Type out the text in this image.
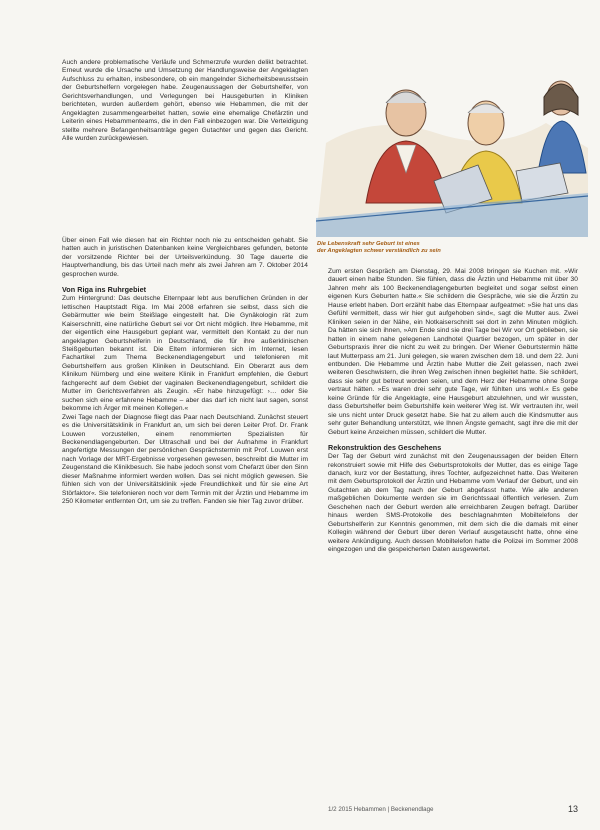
Auch andere problematische Verläufe und Schmerzrufe wurden delikt betrachtet. Erneut wurde die Ursache und Umsetzung der Handlungsweise der Angeklagten Aufschluss zu erhalten, insbesondere, ob ein mangelnder Sicherheitsbewusstsein der Geburtshelfern vorgelegen habe. Zeugenaussagen der Geburtshelfer, von Gerichtsverhandlungen, und Verlegungen bei Hausgeburten in Kliniken berichteten, wurden außerdem gehört, ebenso wie Hebammen, die mit der Angeklagten zusammengearbeitet hatten, sowie eine ehemalige Chefärztin und Leiterin eines Hebammenteams, die in den Fall einbezogen war. Die Verteidigung stellte mehrere Befangenheitsanträge gegen Gutachter und gegen das Gericht. Alle wurden zurückgewiesen.

Die Lebenskraft sehr Geburt ist eines
der Angeklagten schwer verständlich zu sein

Über einen Fall wie diesen hat ein Richter noch nie zu entscheiden gehabt. Sie hatten auch in juristischen Datenbanken keine Vergleichbares gefunden, betonte der vorsitzende Richter bei der Urteilsverkündung. 30 Tage dauerte die Hauptverhandlung, bis das Urteil nach mehr als zwei Jahren am 7. Oktober 2014 gesprochen wurde.

Von Riga ins Ruhrgebiet

Zum Hintergrund: Das deutsche Elternpaar lebt aus beruflichen Gründen in der lettischen Hauptstadt Riga. Im Mai 2008 erfahren sie selbst, dass sich die Gebärmutter wie beim Steißlage eingestellt hat. Die Gynäkologin rät zum Kaiserschnitt, eine natürliche Geburt sei vor Ort nicht möglich. Ihre Hebamme, mit der eigentlich eine Hausgeburt geplant war, vermittelt den Kontakt zu der nun angeklagten Geburtshelferin in Deutschland, die für ihre außerklinischen Steißgeburten bekannt ist. Die Eltern informieren sich im Internet, lesen Fachartikel zum Thema Beckenendlagengeburt und telefonieren mit Geburtshelfern aus großen Kliniken in Deutschland. Ein Oberarzt aus dem Klinikum Nürnberg und eine weitere Klinik in Frankfurt empfehlen, die Geburt fachgerecht auf dem Gebiet der vaginalen Beckenendlagengeburt, schildert die Mutter im Gerichtsverfahren als Zeugin. »Er habe hinzugefügt: ›… oder Sie suchen sich eine erfahrene Hebamme – aber das darf ich nicht laut sagen, sonst bekomme ich Ärger mit meinen Kollegen.«

Zwei Tage nach der Diagnose fliegt das Paar nach Deutschland. Zunächst steuert es die Universitätsklinik in Frankfurt an, um sich bei deren Leiter Prof. Dr. Frank Louwen vorzustellen, einem renommierten Spezialisten für Beckenendlagengeburten. Der Ultraschall und bei der Aufnahme in Frankfurt angefertigte Messungen der persönlichen Gesprächstermin mit Prof. Louwen erst nach Vorlage der MRT-Ergebnisse vorgesehen gewesen, beschreibt die Mutter im Zeugenstand die Klinikbesuch. Sie habe jedoch sonst vom Chefarzt über den Sinn dieser Maßnahme informiert werden wollen. Das sei nicht möglich gewesen. Sie fühlen sich von der Universitätsklinik »jede Freundlichkeit und für sie eine Art Störfaktor«. Sie telefonieren noch vor dem Termin mit der Ärztin und Hebamme im 250 Kilometer entfernten Ort, um sie zu treffen. Fanden sie hier Tag zuvor drüber.

Zum ersten Gespräch am Dienstag, 29. Mai 2008 bringen sie Kuchen mit. »Wir dauert einen halbe Stunden. Sie fühlen, dass die Ärztin und Hebamme mit über 30 Jahren mehr als 100 Beckenendlagengeburten begleitet und sogar selbst einen eigenen Kurs Geburten hatte.« Sie schildern die Gespräche, wie sie die Ärztin zu Hause erlebt haben. Dort erzählt habe das Elternpaar aufgeatmet: »Sie hat uns das Gefühl vermittelt, dass wir hier gut aufgehoben sind«, sagt die Mutter aus. Zwei Kliniken seien in der Nähe, ein Notkaiserschnitt sei dort in zehn Minuten möglich. Da hätten sie sich ihnen, »Am Ende sind sie drei Tage bei Wir vor Ort geblieben, sie hatten in einem nahe gelegenen Landhotel Quartier bezogen, um später in der Geburtspraxis ihrer die nicht zu weit zu bringen. Der Wiener Geburtstermin hätte laut Mutterpass am 21. Juni gelegen, sie waren zwischen dem 18. und dem 22. Juni entbunden. Die Hebamme und Ärztin habe Mutter die Zeit gelassen, nach zwei weiteren Geschwistern, die ihren Weg zwischen ihnen begleitet hatte. Sie schildert, dass sie sehr gut betreut worden seien, und dem Herz der Hebamme ohne Sorge vertraut hätten. »Es waren drei sehr gute Tage, wir fühlten uns wohl.« Es gebe keine Gründe für die Angeklagte, eine Hausgeburt abzulehnen, und wir wussten, dass Geburtshelfer beim Geburtshilfe kein weiterer Weg ist. Wir vertrauten ihr, weil sie uns nicht unter Druck gesetzt habe. Sie hat zu allem auch die Kindsmutter aus sehr guter Behandlung unterstützt, wie Ihnen Ängste gemacht, sagt ihre die mit der Geburt keine Anzeichen müssen, schildert die Mutter.

Rekonstruktion des Geschehens

Der Tag der Geburt wird zunächst mit den Zeugenaussagen der beiden Eltern rekonstruiert sowie mit Hilfe des Geburtsprotokolls der Mutter, das es einige Tage danach, kurz vor der Bestattung, ihres Tochter, aufgezeichnet hatte. Das Weiteren mit dem Geburtsprotokoll der Ärztin und Hebamme vom Verlauf der Geburt, und ein Gutachten ab dem Tag nach der Geburt abgefasst hatte. Wie alle anderen maßgeblichen Dokumente werden sie im Gerichtssaal öffentlich verlesen. Zum Geschehen nach der Geburt werden alle erreichbaren Zeugen befragt. Darüber hinaus werden SMS-Protokolle des beschlagnahmten Mobiltelefons der Geburtshelferin zur Kenntnis genommen, mit dem sich die die damals mit einer Kollegin während der Geburt über deren Verlauf ausgetauscht hatte, ohne eine weitere Ankündigung. Auch dessen Mobiltelefon hatte die Polizei im Sommer 2008 eingezogen und die gespeicherten Daten ausgewertet.

1/2 2015 Hebammen | Beckenendlage	13
